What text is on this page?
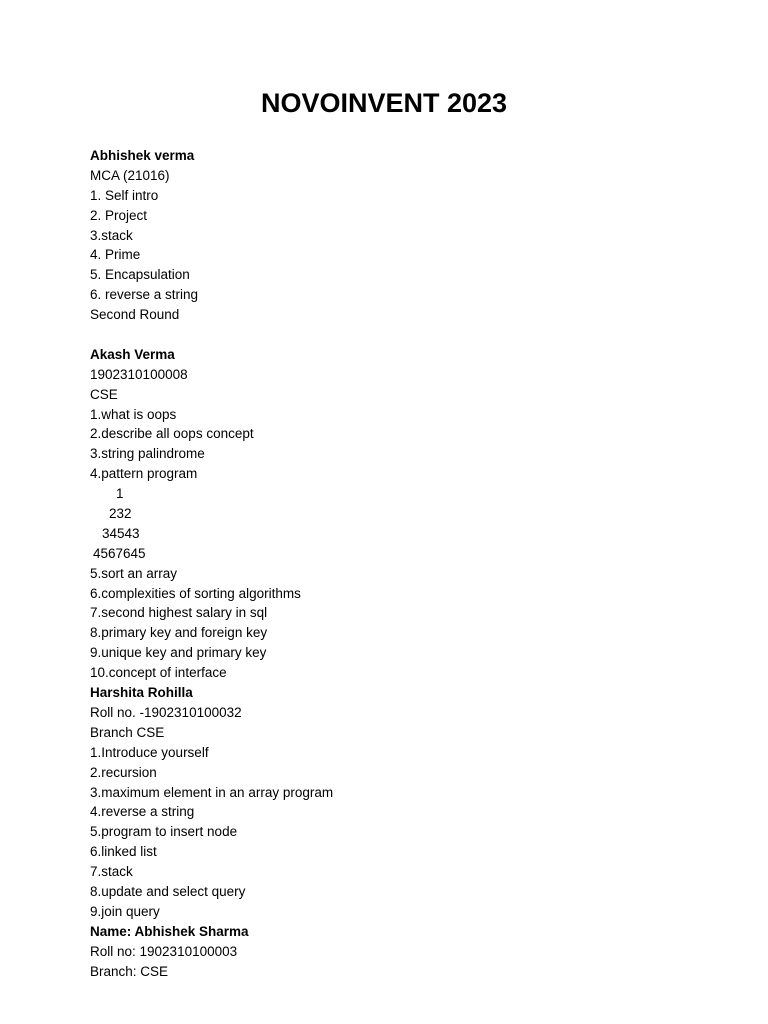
NOVOINVENT 2023
Abhishek verma
MCA (21016)
1. Self intro
2. Project
3.stack
4. Prime
5. Encapsulation
6. reverse a string
Second Round
Akash Verma
1902310100008
CSE
1.what is oops
2.describe all oops concept
3.string palindrome
4.pattern program
1
232
34543
4567645
5.sort an array
6.complexities of sorting algorithms
7.second highest salary in sql
8.primary key and foreign key
9.unique key and primary key
10.concept of interface
Harshita Rohilla
Roll no. -1902310100032
Branch CSE
1.Introduce yourself
2.recursion
3.maximum element in an array program
4.reverse a string
5.program to insert node
6.linked list
7.stack
8.update and select query
9.join query
Name: Abhishek Sharma
Roll no: 1902310100003
Branch: CSE
